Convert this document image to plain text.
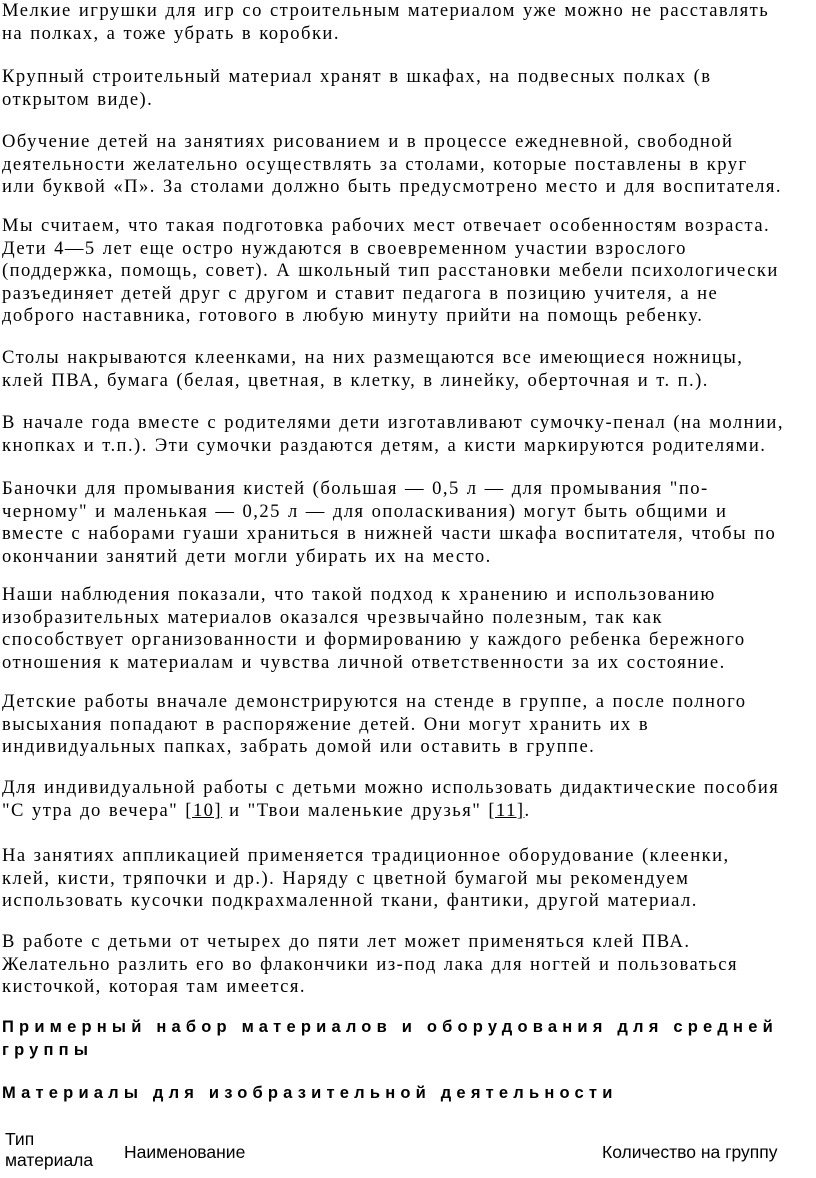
Мелкие игрушки для игр со строительным материалом уже можно не расставлять
на полках, а тоже убрать в коробки.

Крупный строительный материал хранят в шкафах, на подвесных полках (в
открытом виде).

Обучение детей на занятиях рисованием и в процессе ежедневной, свободной
деятельности желательно осуществлять за столами, которые поставлены в круг
или буквой «П». За столами должно быть предусмотрено место и для воспитателя.

Мы считаем, что такая подготовка рабочих мест отвечает особенностям возраста.
Дети 4—5 лет еще остро нуждаются в своевременном участии взрослого
(поддержка, помощь, совет). А школьный тип расстановки мебели психологически
разъединяет детей друг с другом и ставит педагога в позицию учителя, а не
доброго наставника, готового в любую минуту прийти на помощь ребенку.

Столы накрываются клеенками, на них размещаются все имеющиеся ножницы,
клей ПВА, бумага (белая, цветная, в клетку, в линейку, оберточная и т. п.).

В начале года вместе с родителями дети изготавливают сумочку-пенал (на молнии,
кнопках и т.п.). Эти сумочки раздаются детям, а кисти маркируются родителями.

Баночки для промывания кистей (большая — 0,5 л — для промывания "по-
черному" и маленькая — 0,25 л — для ополаскивания) могут быть общими и
вместе с наборами гуаши храниться в нижней части шкафа воспитателя, чтобы по
окончании занятий дети могли убирать их на место.

Наши наблюдения показали, что такой подход к хранению и использованию
изобразительных материалов оказался чрезвычайно полезным, так как
способствует организованности и формированию у каждого ребенка бережного
отношения к материалам и чувства личной ответственности за их состояние.

Детские работы вначале демонстрируются на стенде в группе, а после полного
высыхания попадают в распоряжение детей. Они могут хранить их в
индивидуальных папках, забрать домой или оставить в группе.

Для индивидуальной работы с детьми можно использовать дидактические пособия
"С утра до вечера" [10] и "Твои маленькие друзья" [11].

На занятиях аппликацией применяется традиционное оборудование (клеенки,
клей, кисти, тряпочки и др.). Наряду с цветной бумагой мы рекомендуем
использовать кусочки подкрахмаленной ткани, фантики, другой материал.

В работе с детьми от четырех до пяти лет может применяться клей ПВА.
Желательно разлить его во флакончики из-под лака для ногтей и пользоваться
кисточкой, которая там имеется.

Примерный набор материалов и оборудования для средней
группы
Материалы для изобразительной деятельности
Тип
материала Наименование	Количество на группу
